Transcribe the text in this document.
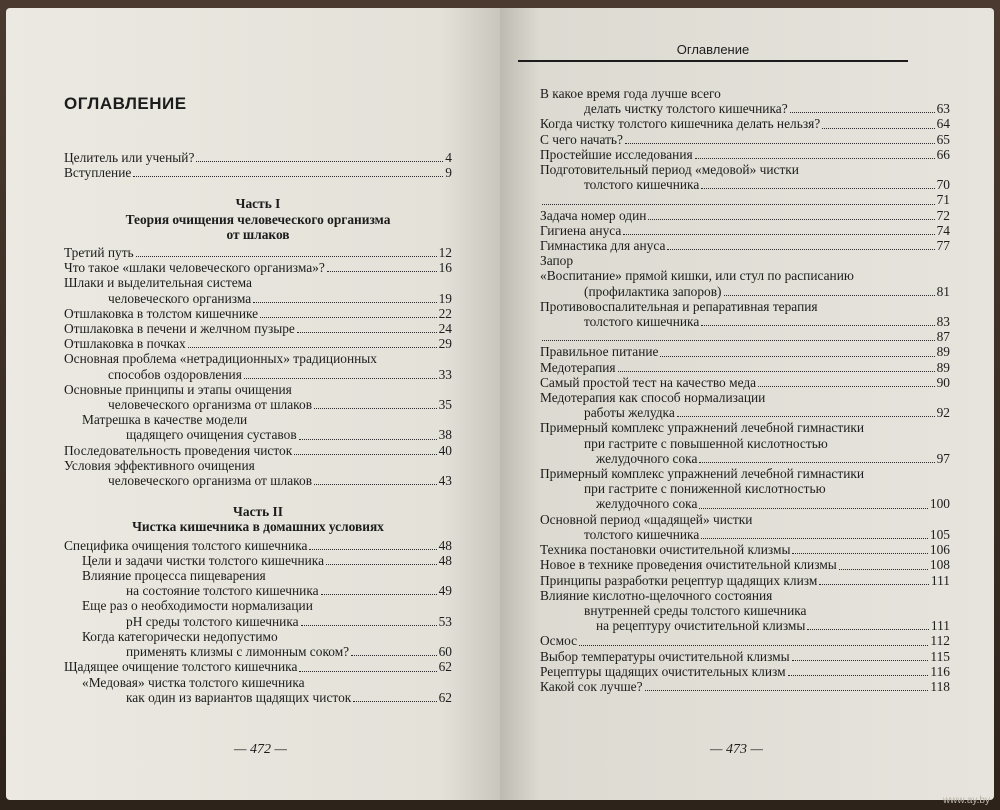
ОГЛАВЛЕНИЕ
Целитель или ученый?	4
Вступление	9
Часть I
Теория очищения человеческого организма
от шлаков
Третий путь	12
Что такое «шлаки человеческого организма»?	16
Шлаки и выделительная система
человеческого организма	19
Отшлаковка в толстом кишечнике	22
Отшлаковка в печени и желчном пузыре	24
Отшлаковка в почках	29
Основная проблема «нетрадиционных» традиционных
способов оздоровления	33
Основные принципы и этапы очищения
человеческого организма от шлаков	35
Матрешка в качестве модели
щадящего очищения суставов	38
Последовательность проведения чисток	40
Условия эффективного очищения
человеческого организма от шлаков	43
Часть II
Чистка кишечника в домашних условиях
Специфика очищения толстого кишечника	48
Цели и задачи чистки толстого кишечника	48
Влияние процесса пищеварения
на состояние толстого кишечника	49
Еще раз о необходимости нормализации
pH среды толстого кишечника	53
Когда категорически недопустимо
применять клизмы с лимонным соком?	60
Щадящее очищение толстого кишечника	62
«Медовая» чистка толстого кишечника
как один из вариантов щадящих чисток	62
— 472 —
Оглавление
В какое время года лучше всего
делать чистку толстого кишечника?	63
Когда чистку толстого кишечника делать нельзя?	64
С чего начать?	65
Простейшие исследования	66
Подготовительный период «медовой» чистки
толстого кишечника	70
71
Задача номер один	72
Гигиена ануса	74
Гимнастика для ануса	77
Запор
«Воспитание» прямой кишки, или стул по расписанию
(профилактика запоров)	81
Противовоспалительная и репаративная терапия
толстого кишечника	83
87
Правильное питание	89
Медотерапия	89
Самый простой тест на качество меда	90
Медотерапия как способ нормализации
работы желудка	92
Примерный комплекс упражнений лечебной гимнастики
при гастрите с повышенной кислотностью
желудочного сока	97
Примерный комплекс упражнений лечебной гимнастики
при гастрите с пониженной кислотностью
желудочного сока	100
Основной период «щадящей» чистки
толстого кишечника	105
Техника постановки очистительной клизмы	106
Новое в технике проведения очистительной клизмы	108
Принципы разработки рецептур щадящих клизм	111
Влияние кислотно-щелочного состояния
внутренней среды толстого кишечника
на рецептуру очистительной клизмы	111
Осмос	112
Выбор температуры очистительной клизмы	115
Рецептуры щадящих очистительных клизм	116
Какой сок лучше?	118
— 473 —
www.ay.by
